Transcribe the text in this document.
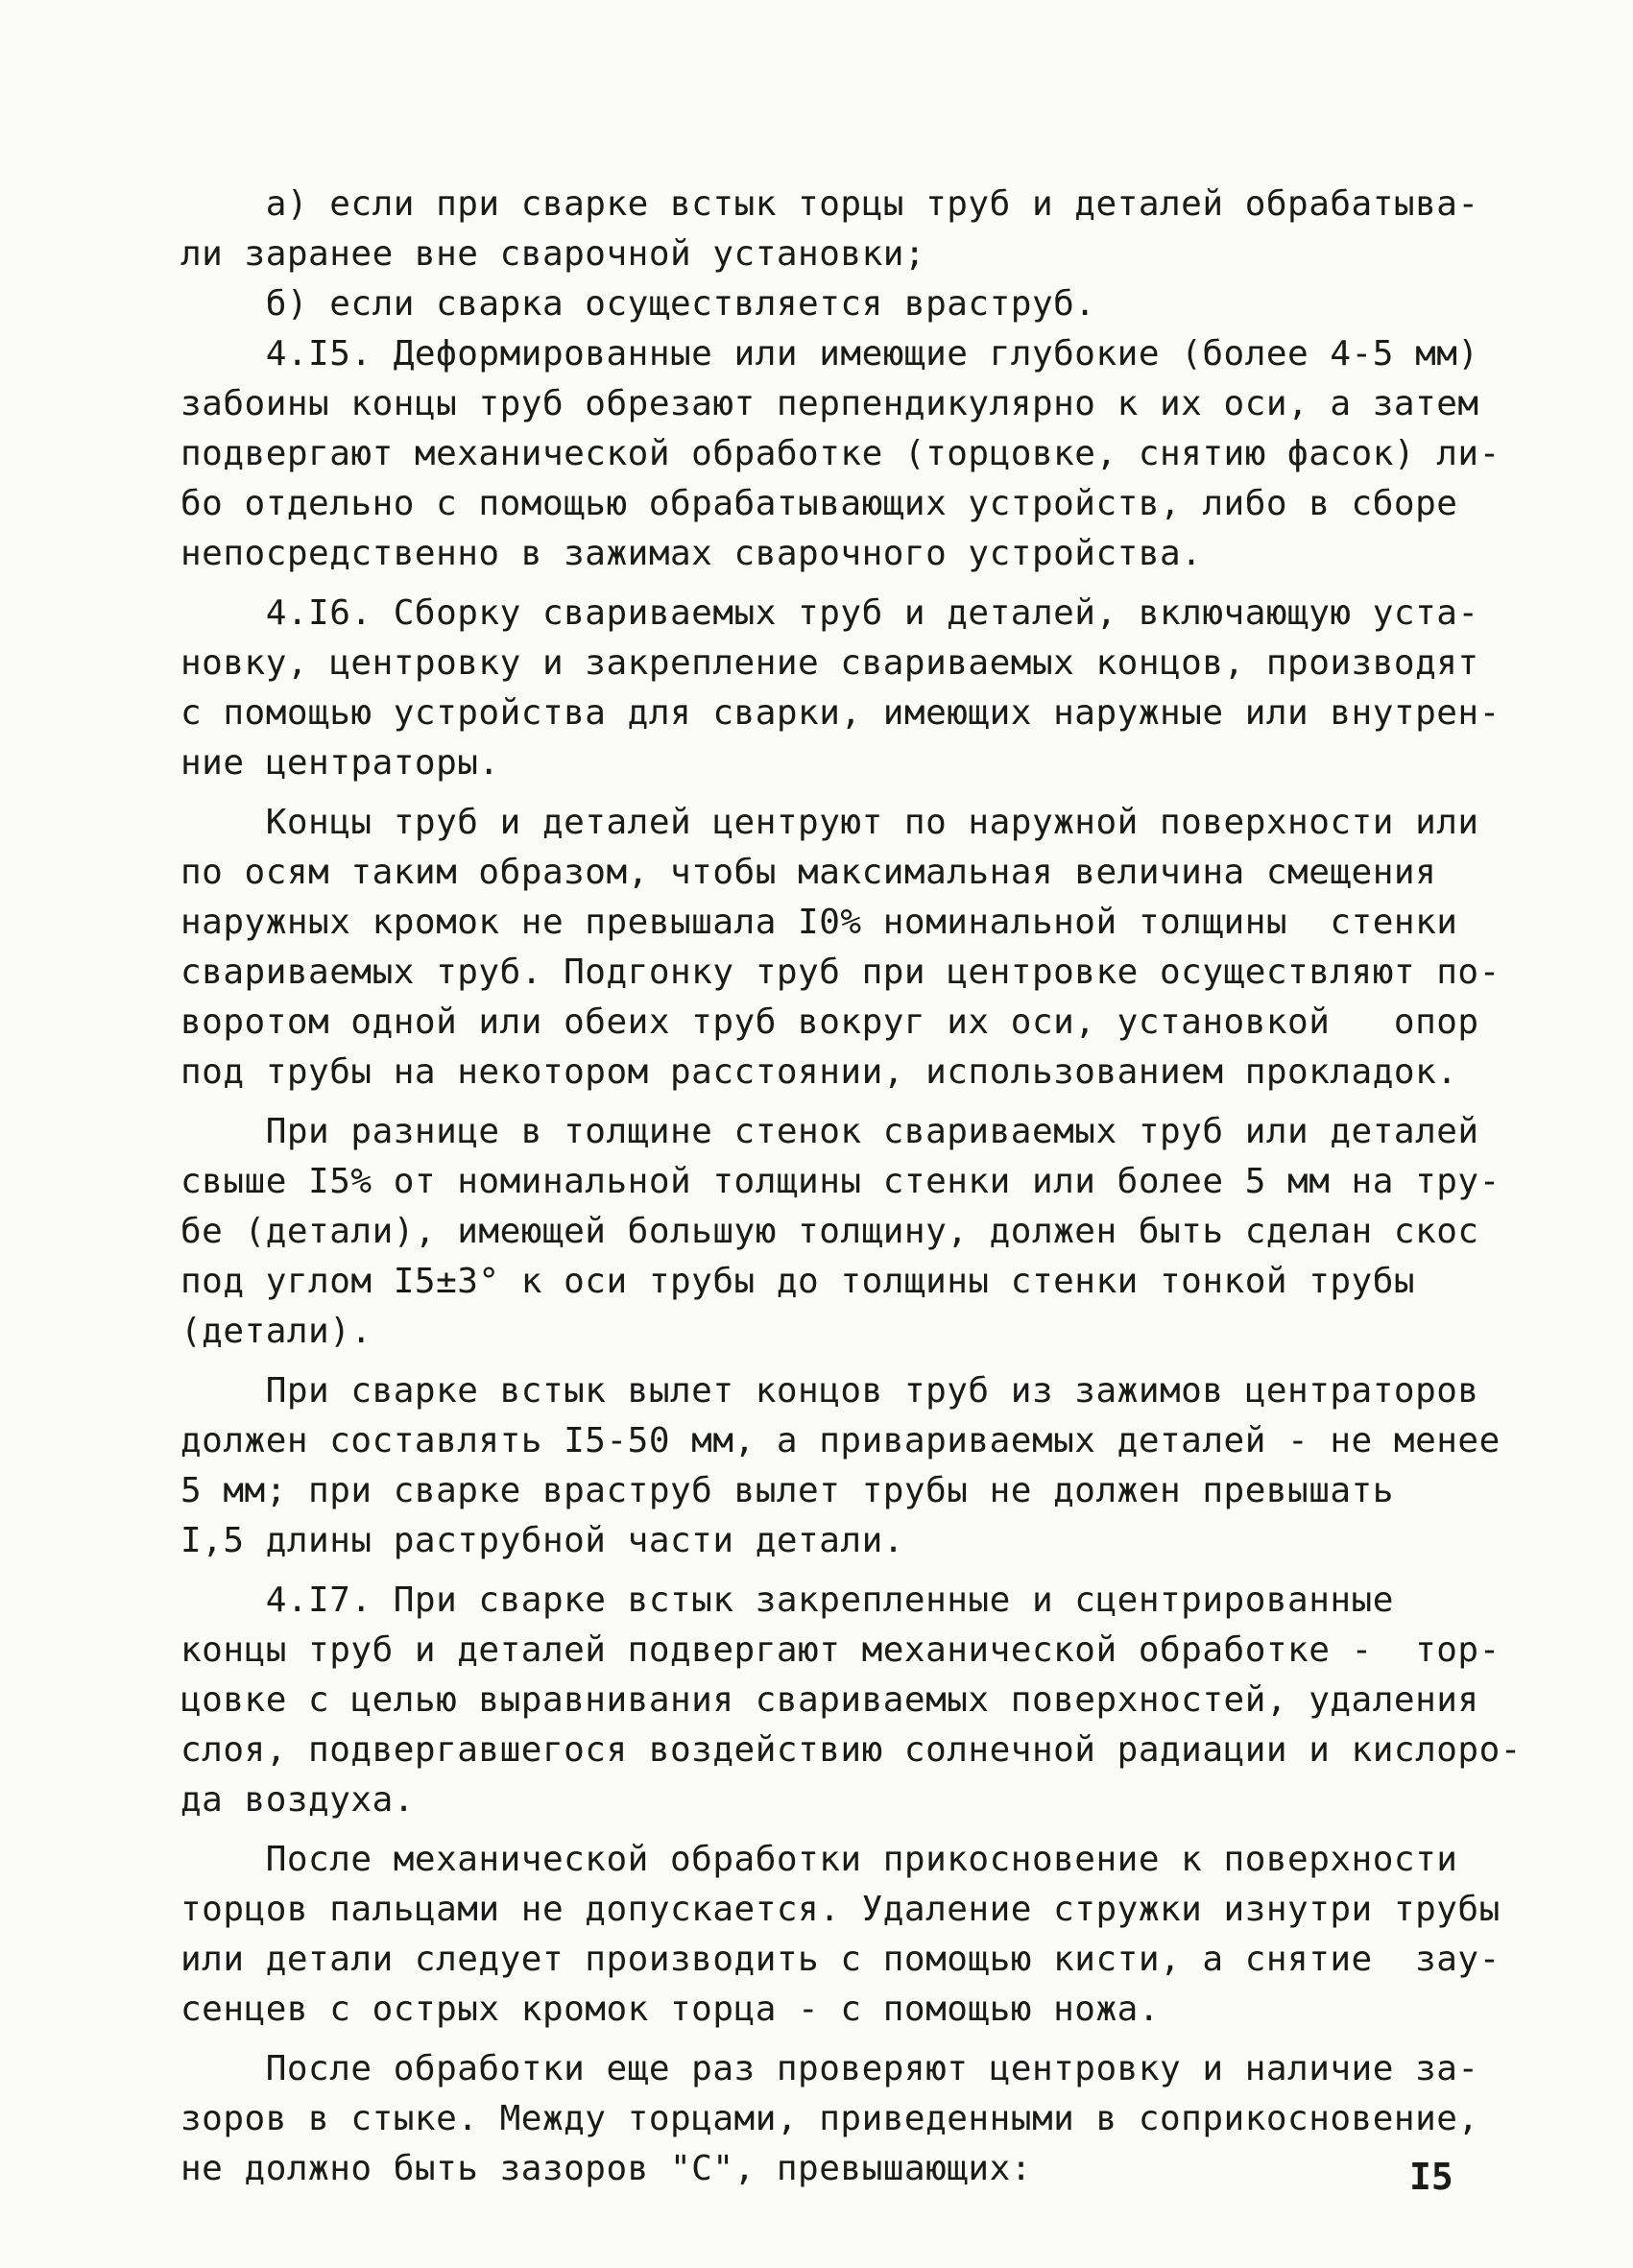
а) если при сварке встык торцы труб и деталей обрабатыва-
ли заранее вне сварочной установки;
б) если сварка осуществляется враструб.
4.I5. Деформированные или имеющие глубокие (более 4-5 мм)
забоины концы труб обрезают перпендикулярно к их оси, а затем
подвергают механической обработке (торцовке, снятию фасок) ли-
бо отдельно с помощью обрабатывающих устройств, либо в сборе
непосредственно в зажимах сварочного устройства.
4.I6. Сборку свариваемых труб и деталей, включающую уста-
новку, центровку и закрепление свариваемых концов, производят
с помощью устройства для сварки, имеющих наружные или внутрен-
ние центраторы.
Концы труб и деталей центруют по наружной поверхности или
по осям таким образом, чтобы максимальная величина смещения
наружных кромок не превышала I0% номинальной толщины  стенки
свариваемых труб. Подгонку труб при центровке осуществляют по-
воротом одной или обеих труб вокруг их оси, установкой   опор
под трубы на некотором расстоянии, использованием прокладок.
При разнице в толщине стенок свариваемых труб или деталей
свыше I5% от номинальной толщины стенки или более 5 мм на тру-
бе (детали), имеющей большую толщину, должен быть сделан скос
под углом I5±3° к оси трубы до толщины стенки тонкой трубы
(детали).
При сварке встык вылет концов труб из зажимов центраторов
должен составлять I5-50 мм, а привариваемых деталей - не менее
5 мм; при сварке враструб вылет трубы не должен превышать
I,5 длины раструбной части детали.
4.I7. При сварке встык закрепленные и сцентрированные
концы труб и деталей подвергают механической обработке -  тор-
цовке с целью выравнивания свариваемых поверхностей, удаления
слоя, подвергавшегося воздействию солнечной радиации и кислоро-
да воздуха.
После механической обработки прикосновение к поверхности
торцов пальцами не допускается. Удаление стружки изнутри трубы
или детали следует производить с помощью кисти, а снятие  зау-
сенцев с острых кромок торца - с помощью ножа.
После обработки еще раз проверяют центровку и наличие за-
зоров в стыке. Между торцами, приведенными в соприкосновение,
не должно быть зазоров "С", превышающих:	I5
